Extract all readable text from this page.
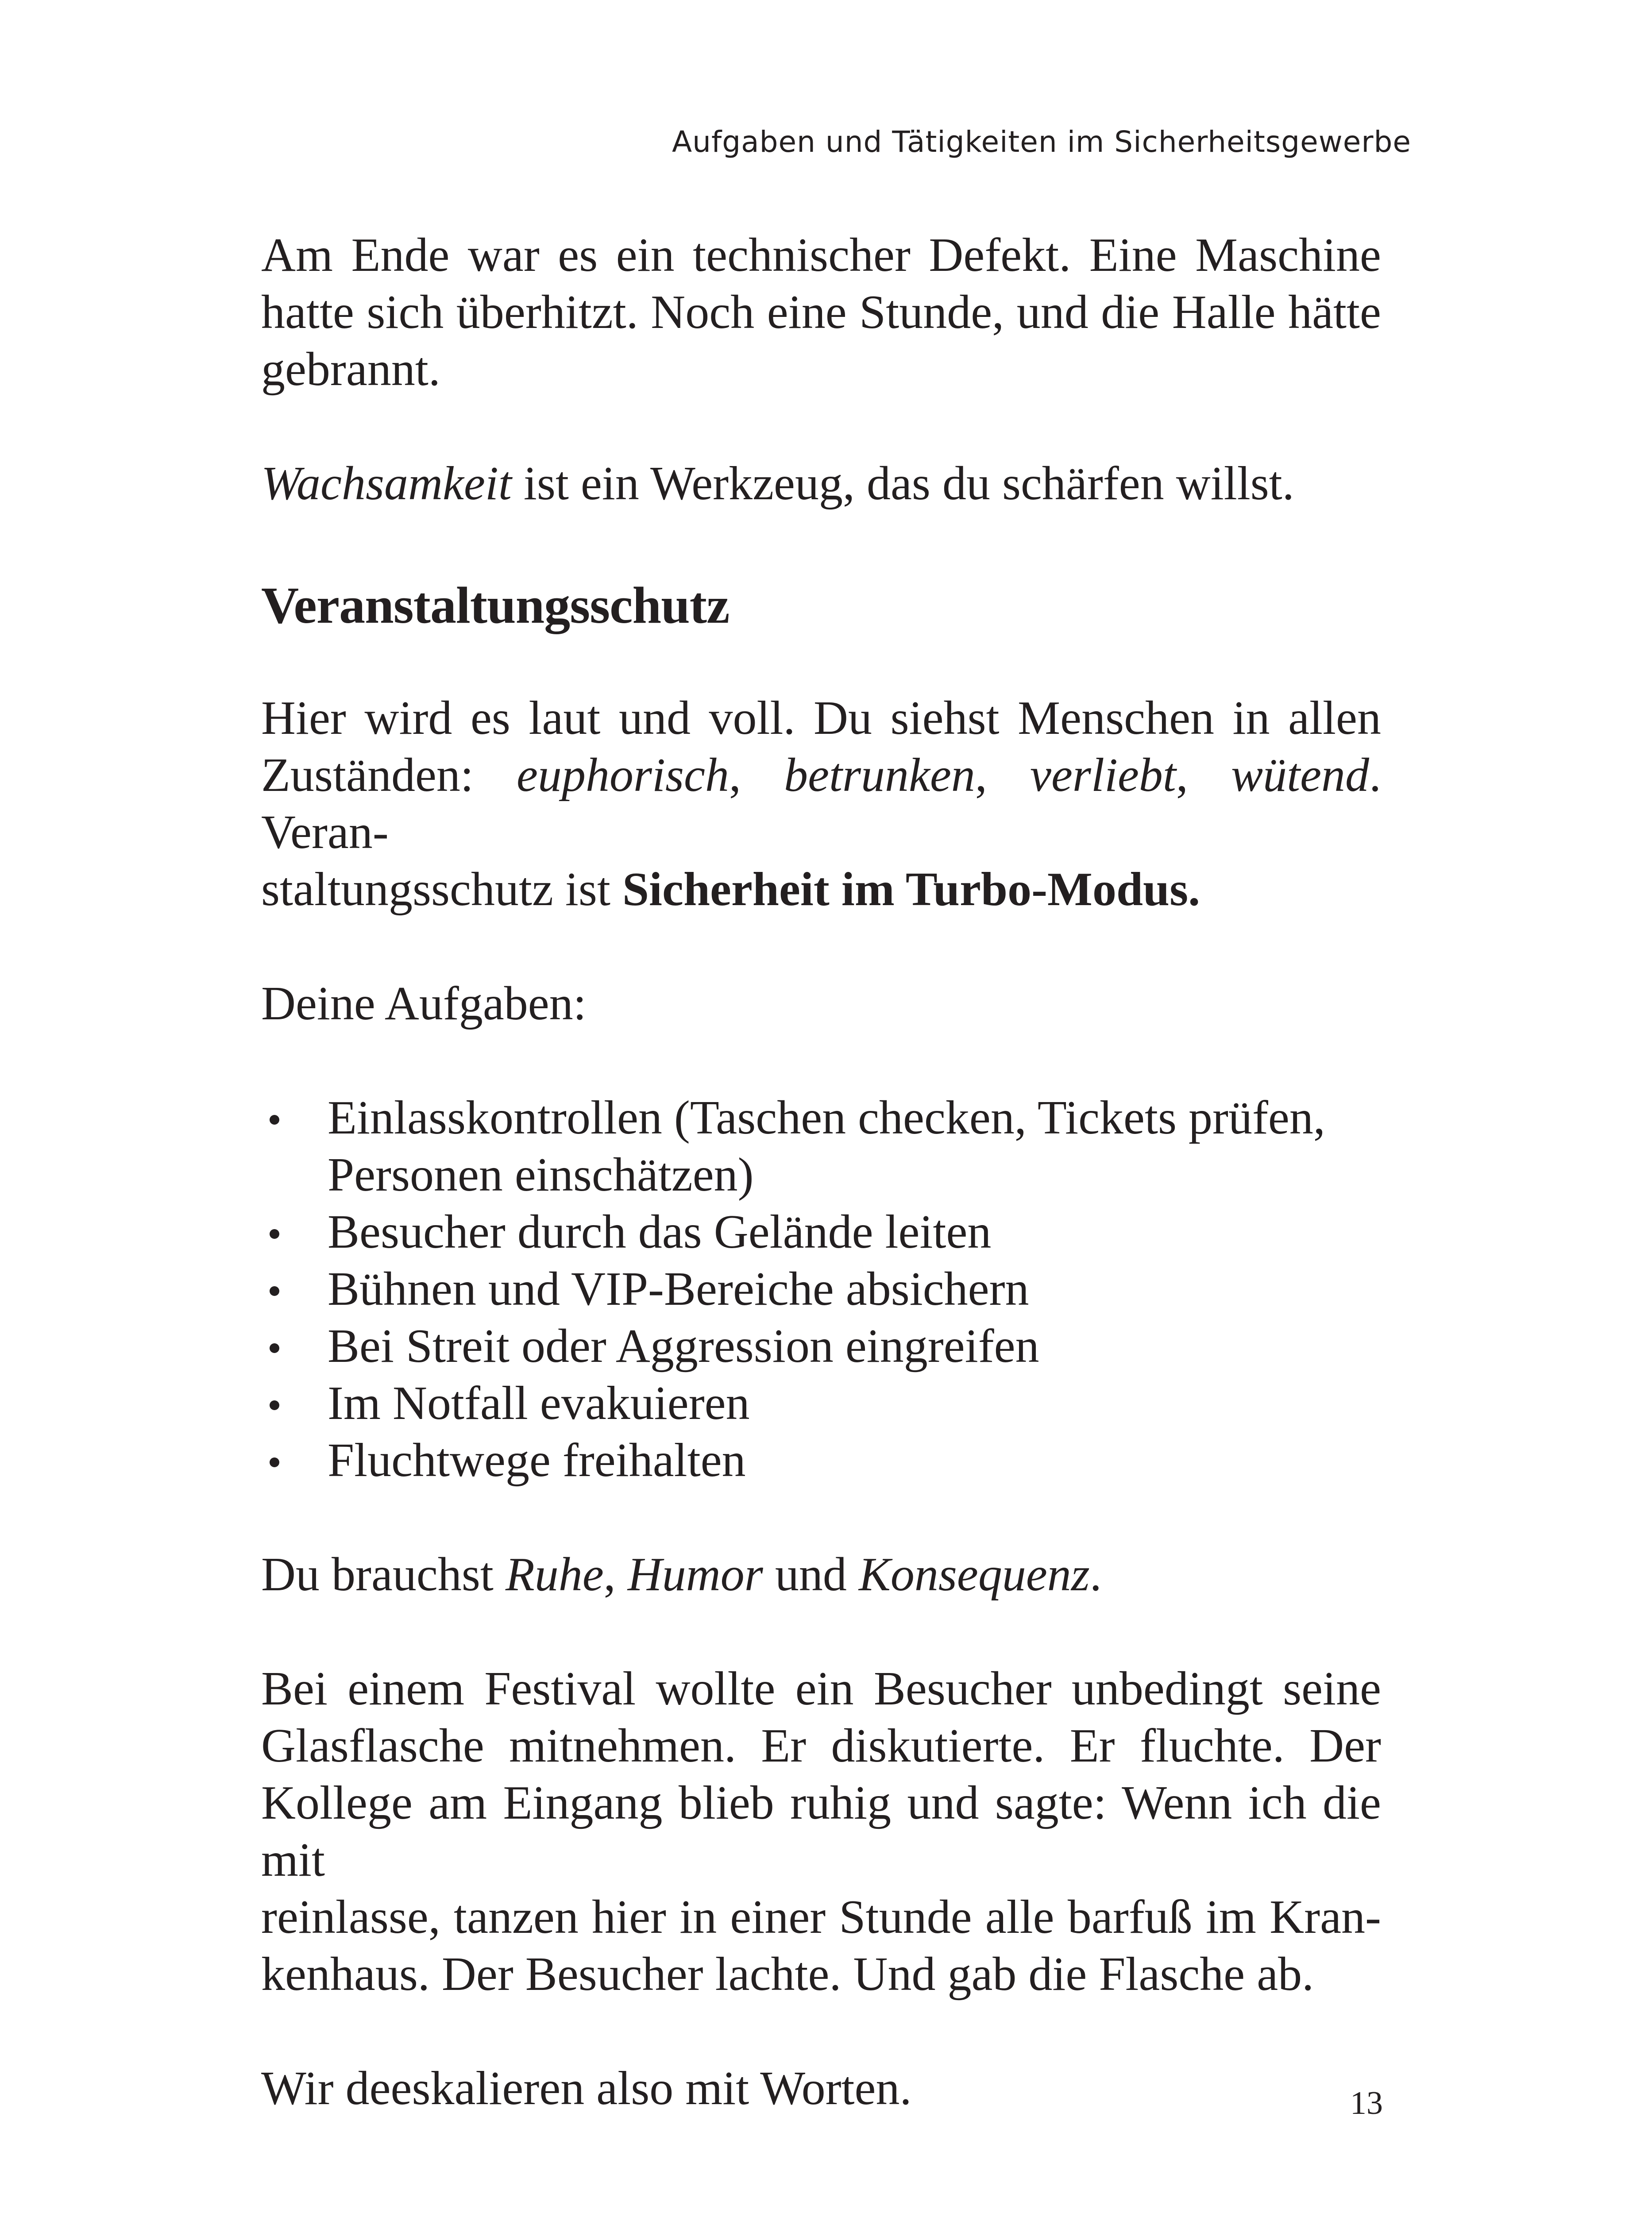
Aufgaben und Tätigkeiten im Sicherheitsgewerbe

Am Ende war es ein technischer Defekt. Eine Maschine
hatte sich überhitzt. Noch eine Stunde, und die Halle hätte
gebrannt.

Wachsamkeit ist ein Werkzeug, das du schärfen willst.

Veranstaltungsschutz

Hier wird es laut und voll. Du siehst Menschen in allen
Zuständen: euphorisch, betrunken, verliebt, wütend. Veran-
staltungsschutz ist Sicherheit im Turbo-Modus.

Deine Aufgaben:

Einlasskontrollen (Taschen checken, Tickets prüfen,
Personen einschätzen)
Besucher durch das Gelände leiten
Bühnen und VIP-Bereiche absichern
Bei Streit oder Aggression eingreifen
Im Notfall evakuieren
Fluchtwege freihalten

Du brauchst Ruhe, Humor und Konsequenz.

Bei einem Festival wollte ein Besucher unbedingt seine
Glasflasche mitnehmen. Er diskutierte. Er fluchte. Der
Kollege am Eingang blieb ruhig und sagte: Wenn ich die mit
reinlasse, tanzen hier in einer Stunde alle barfuß im Kran-
kenhaus. Der Besucher lachte. Und gab die Flasche ab.

Wir deeskalieren also mit Worten.	13
